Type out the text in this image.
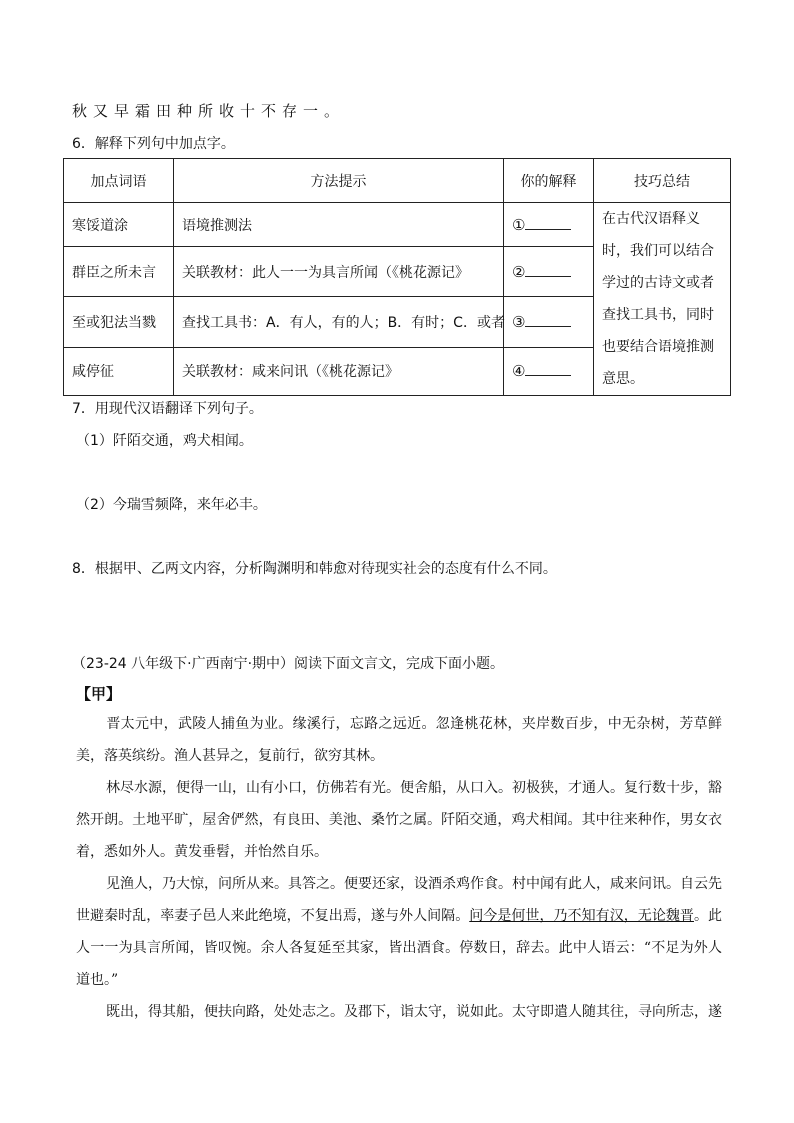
秋又早霜田种所收十不存一。
6．解释下列句中加点字。
加点词语	方法提示	你的解释	技巧总结
寒馁道涂	语境推测法	①	在古代汉语释义时，我们可以结合学过的古诗文或者查找工具书，同时也要结合语境推测意思。
群臣之所未言	关联教材：此人一一为具言所闻（《桃花源记》	②	
至或犯法当戮	查找工具书：A．有人，有的人；B．有时；C．或者	③	
咸停征	关联教材：咸来问讯（《桃花源记》	④	
7．用现代汉语翻译下列句子。
（1）阡陌交通，鸡犬相闻。
（2）今瑞雪频降，来年必丰。
8．根据甲、乙两文内容，分析陶渊明和韩愈对待现实社会的态度有什么不同。
（23-24 八年级下·广西南宁·期中）阅读下面文言文，完成下面小题。
【甲】
晋太元中，武陵人捕鱼为业。缘溪行，忘路之远近。忽逢桃花林，夹岸数百步，中无杂树，芳草鲜美，落英缤纷。渔人甚异之，复前行，欲穷其林。
林尽水源，便得一山，山有小口，仿佛若有光。便舍船，从口入。初极狭，才通人。复行数十步，豁然开朗。土地平旷，屋舍俨然，有良田、美池、桑竹之属。阡陌交通，鸡犬相闻。其中往来种作，男女衣着，悉如外人。黄发垂髫，并怡然自乐。
见渔人，乃大惊，问所从来。具答之。便要还家，设酒杀鸡作食。村中闻有此人，咸来问讯。自云先世避秦时乱，率妻子邑人来此绝境，不复出焉，遂与外人间隔。问今是何世，乃不知有汉，无论魏晋。此人一一为具言所闻，皆叹惋。余人各复延至其家，皆出酒食。停数日，辞去。此中人语云：“不足为外人道也。”
既出，得其船，便扶向路，处处志之。及郡下，诣太守，说如此。太守即遣人随其往，寻向所志，遂
